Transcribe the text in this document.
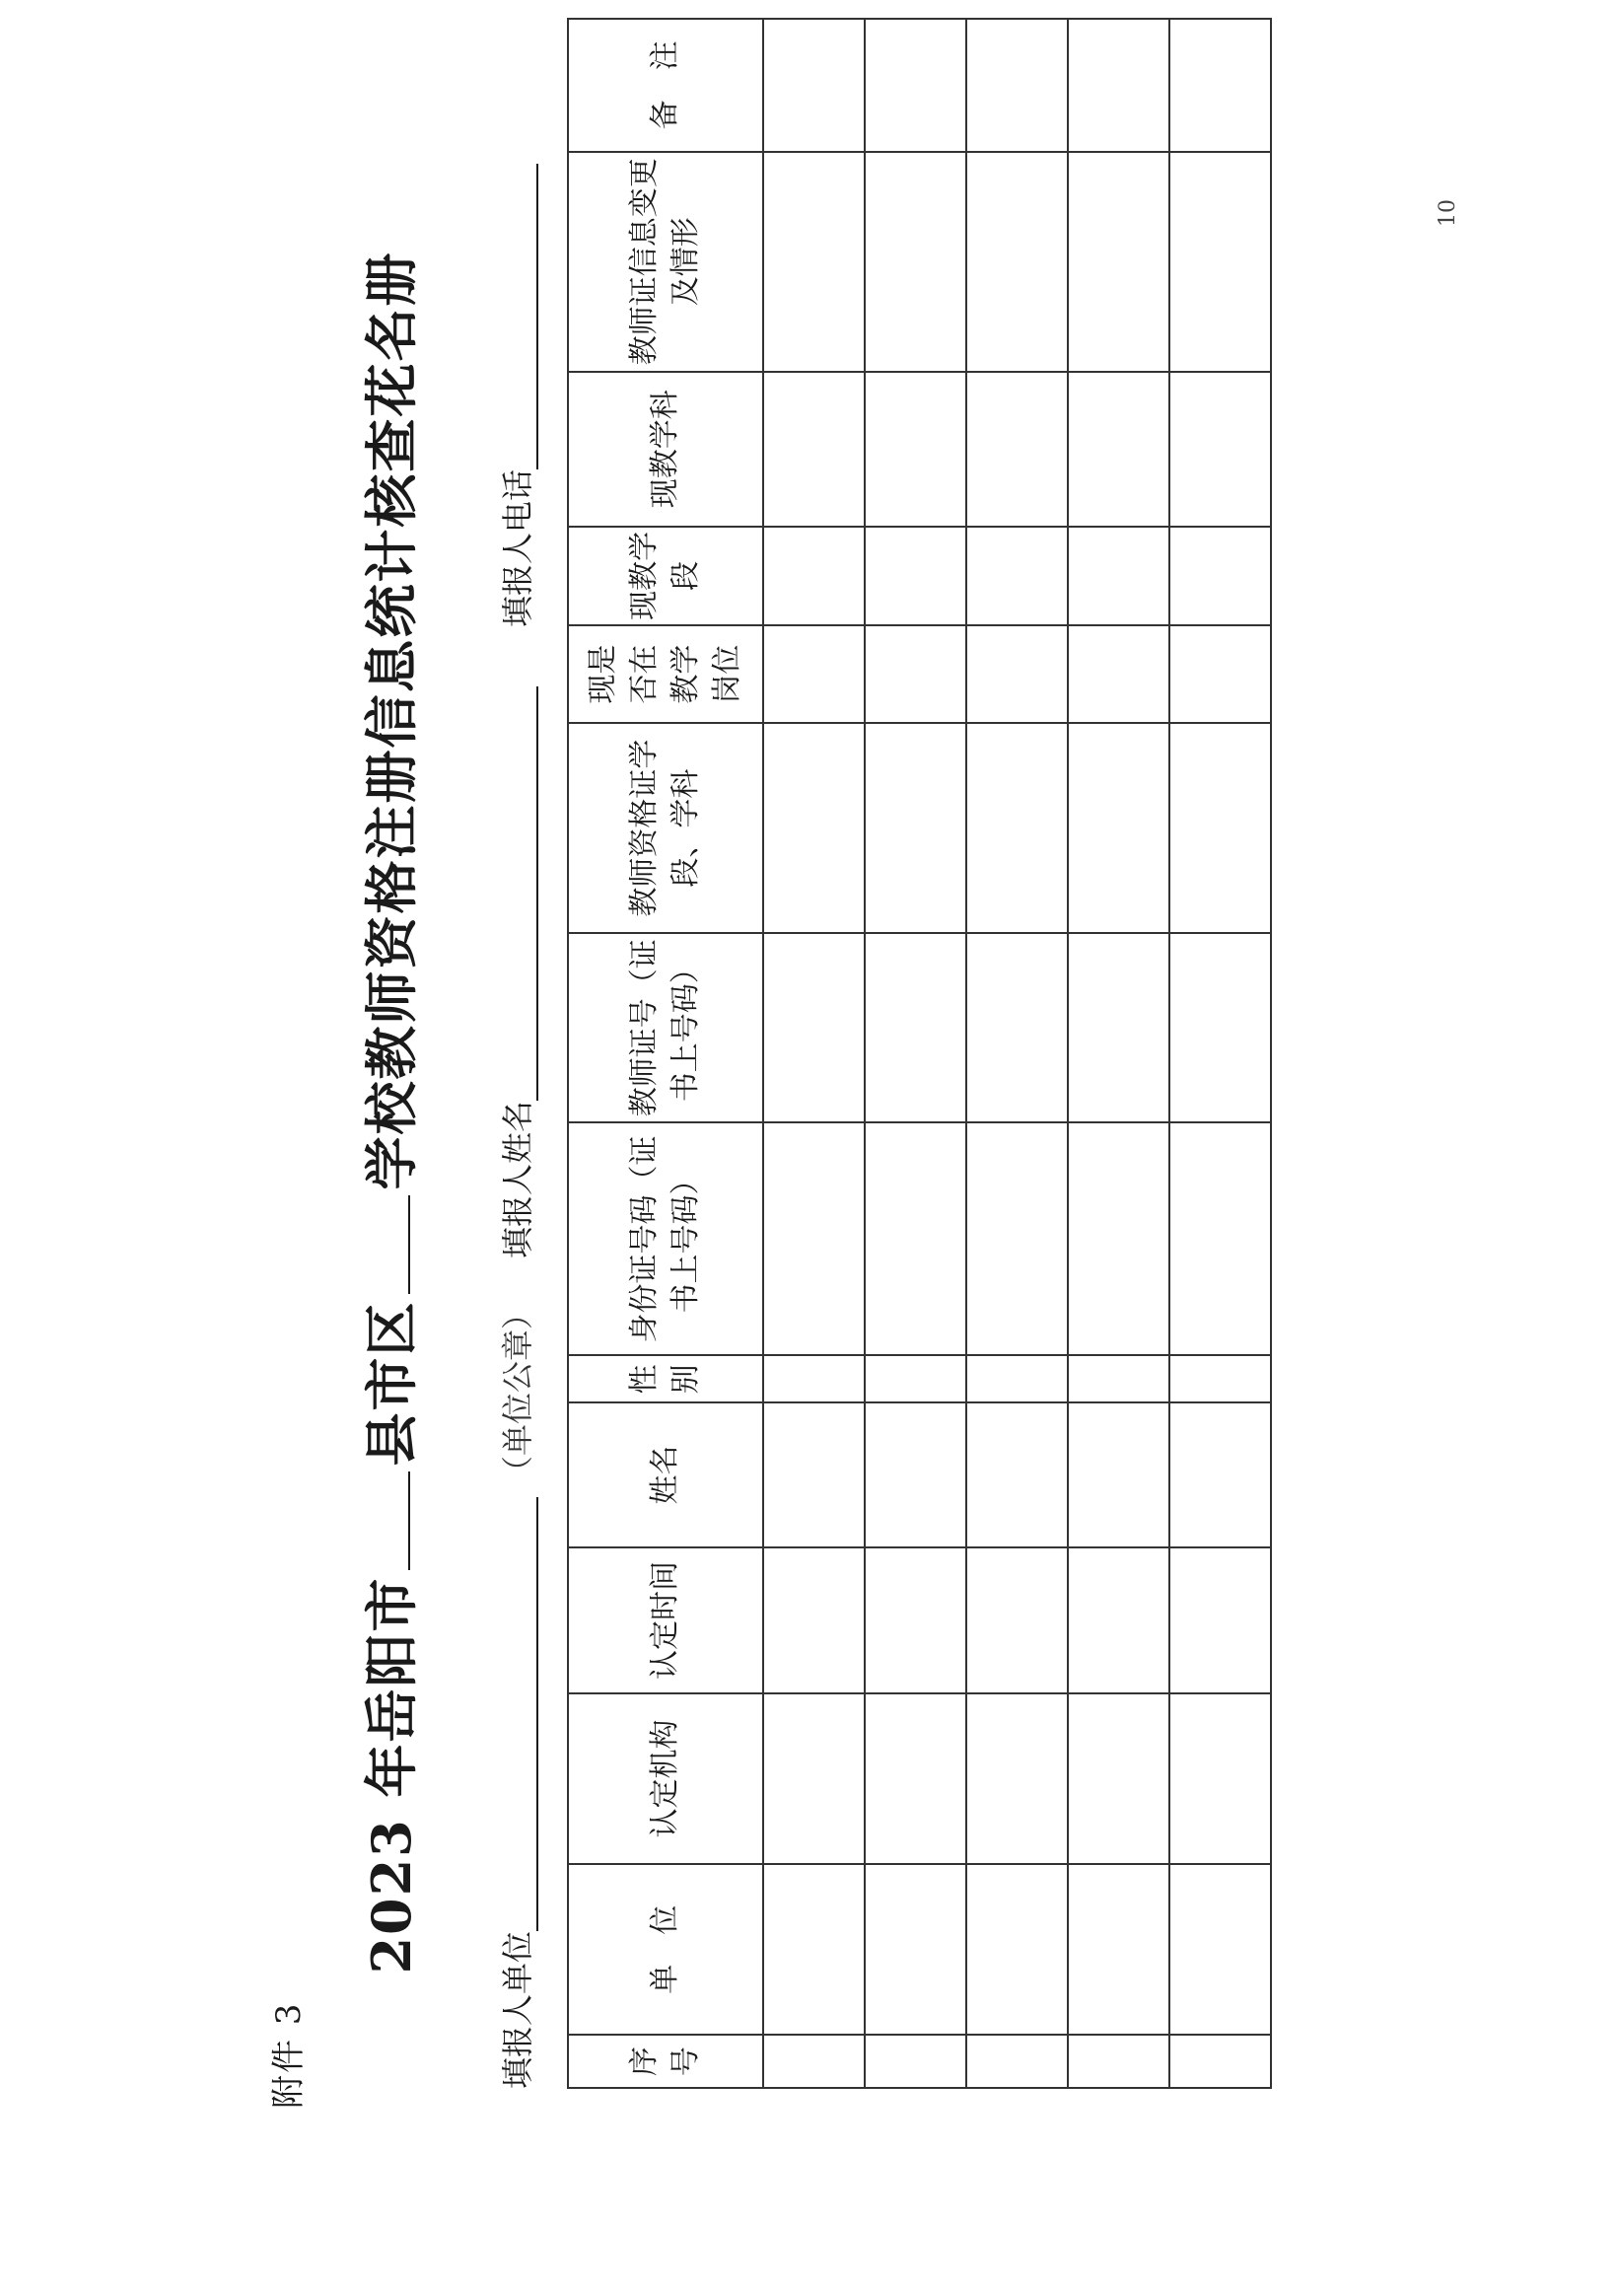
附件 3
2023 年岳阳市县市区学校教师资格注册信息统计核查花名册
填报人单位（单位公章）填报人姓名填报人电话
序号	单　位	认定机构	认定时间	姓名	性别	身份证号码（证书上号码）	教师证号（证书上号码）	教师资格证学段、学科	现是否在教学岗位	现教学段	现教学科	教师证信息变更及情形	备　注

10
